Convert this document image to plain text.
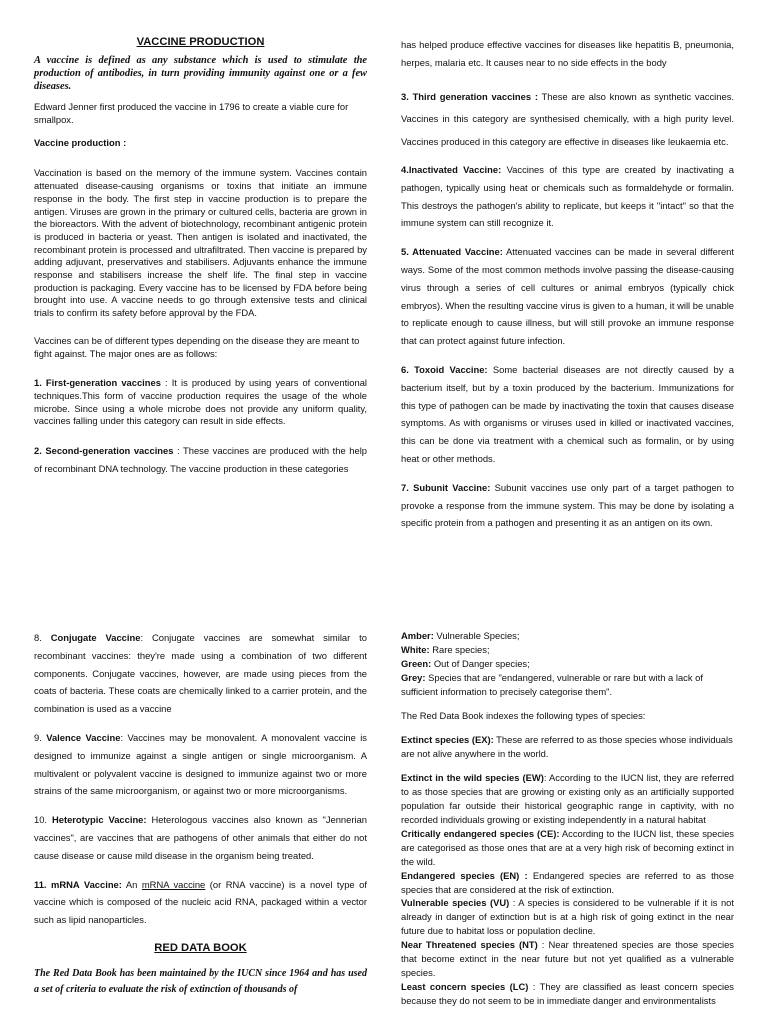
VACCINE PRODUCTION

A vaccine is defined as any substance which is used to stimulate the production of antibodies, in turn providing immunity against one or a few diseases.

Edward Jenner first produced the vaccine in 1796 to create a viable cure for smallpox.

Vaccine production :

Vaccination is based on the memory of the immune system. Vaccines contain attenuated disease-causing organisms or toxins that initiate an immune response in the body. The first step in vaccine production is to prepare the antigen. Viruses are grown in the primary or cultured cells, bacteria are grown in the bioreactors. With the advent of biotechnology, recombinant antigenic protein is produced in bacteria or yeast. Then antigen is isolated and inactivated, the recombinant protein is processed and ultrafiltrated. Then vaccine is prepared by adding adjuvant, preservatives and stabilisers. Adjuvants enhance the immune response and stabilisers increase the shelf life. The final step in vaccine production is packaging. Every vaccine has to be licensed by FDA before being brought into use. A vaccine needs to go through extensive tests and clinical trials to confirm its safety before approval by the FDA.

Vaccines can be of different types depending on the disease they are meant to fight against. The major ones are as follows:

1. First-generation vaccines : It is produced by using years of conventional techniques.This form of vaccine production requires the usage of the whole microbe. Since using a whole microbe does not provide any uniform quality, vaccines falling under this category can result in side effects.

2. Second-generation vaccines : These vaccines are produced with the help of recombinant DNA technology. The vaccine production in these categories

has helped produce effective vaccines for diseases like hepatitis B, pneumonia, herpes, malaria etc. It causes near to no side effects in the body

3. Third generation vaccines : These are also known as synthetic vaccines. Vaccines in this category are synthesised chemically, with a high purity level. Vaccines produced in this category are effective in diseases like leukaemia etc.

4.Inactivated Vaccine: Vaccines of this type are created by inactivating a pathogen, typically using heat or chemicals such as formaldehyde or formalin. This destroys the pathogen's ability to replicate, but keeps it "intact" so that the immune system can still recognize it.

5. Attenuated Vaccine: Attenuated vaccines can be made in several different ways. Some of the most common methods involve passing the disease-causing virus through a series of cell cultures or animal embryos (typically chick embryos). When the resulting vaccine virus is given to a human, it will be unable to replicate enough to cause illness, but will still provoke an immune response that can protect against future infection.

6. Toxoid Vaccine: Some bacterial diseases are not directly caused by a bacterium itself, but by a toxin produced by the bacterium. Immunizations for this type of pathogen can be made by inactivating the toxin that causes disease symptoms. As with organisms or viruses used in killed or inactivated vaccines, this can be done via treatment with a chemical such as formalin, or by using heat or other methods.

7. Subunit Vaccine: Subunit vaccines use only part of a target pathogen to provoke a response from the immune system. This may be done by isolating a specific protein from a pathogen and presenting it as an antigen on its own.

8. Conjugate Vaccine: Conjugate vaccines are somewhat similar to recombinant vaccines: they're made using a combination of two different components. Conjugate vaccines, however, are made using pieces from the coats of bacteria. These coats are chemically linked to a carrier protein, and the combination is used as a vaccine

9. Valence Vaccine: Vaccines may be monovalent. A monovalent vaccine is designed to immunize against a single antigen or single microorganism. A multivalent or polyvalent vaccine is designed to immunize against two or more strains of the same microorganism, or against two or more microorganisms.

10. Heterotypic Vaccine: Heterologous vaccines also known as "Jennerian vaccines", are vaccines that are pathogens of other animals that either do not cause disease or cause mild disease in the organism being treated.

11. mRNA Vaccine: An mRNA vaccine (or RNA vaccine) is a novel type of vaccine which is composed of the nucleic acid RNA, packaged within a vector such as lipid nanoparticles.

RED DATA BOOK

The Red Data Book has been maintained by the IUCN since 1964 and has used a set of criteria to evaluate the risk of extinction of thousands of

Amber: Vulnerable Species;

White: Rare species;

Green: Out of Danger species;

Grey: Species that are "endangered, vulnerable or rare but with a lack of sufficient information to precisely categorise them".

The Red Data Book indexes the following types of species:

Extinct species (EX): These are referred to as those species whose individuals are not alive anywhere in the world.

Extinct in the wild species (EW): According to the IUCN list, they are referred to as those species that are growing or existing only as an artificially supported population far outside their historical geographic range in captivity, with no recorded individuals growing or existing independently in a natural habitat

Critically endangered species (CE): According to the IUCN list, these species are categorised as those ones that are at a very high risk of becoming extinct in the wild.

Endangered species (EN) : Endangered species are referred to as those species that are considered at the risk of extinction.

Vulnerable species (VU) : A species is considered to be vulnerable if it is not already in danger of extinction but is at a high risk of going extinct in the near future due to habitat loss or population decline.

Near Threatened species (NT) : Near threatened species are those species that become extinct in the near future but not yet qualified as a vulnerable species.

Least concern species (LC) : They are classified as least concern species because they do not seem to be in immediate danger and environmentalists
